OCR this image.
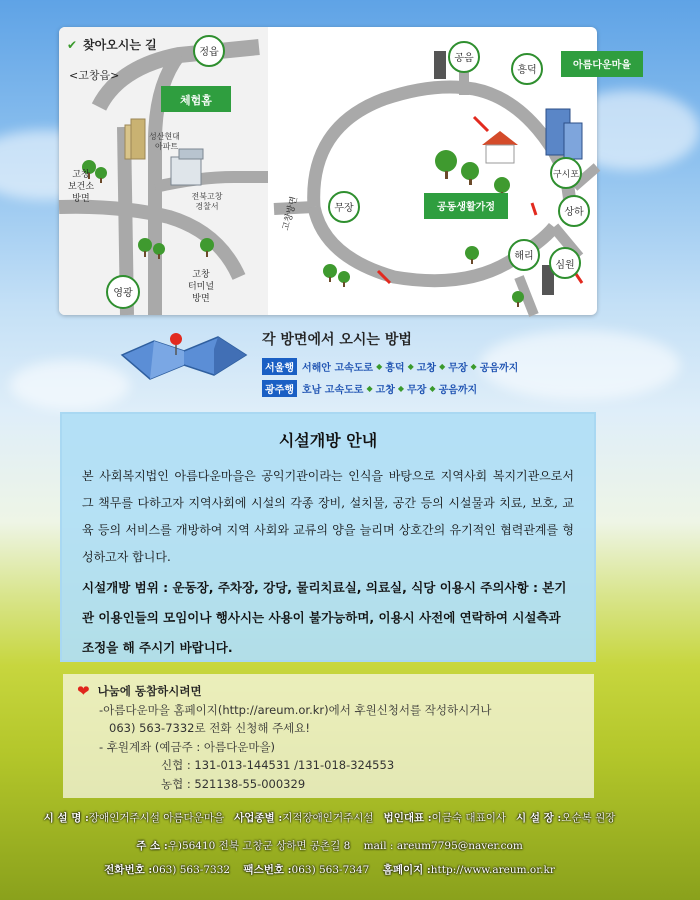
✔ 찾아오시는 길
<고창읍>
정읍
체험홈
성산현대
아파트
전북고창
경찰서
고창
보건소
방면
영광
고창
터미널
방면
공음
흥덕	아름다운마을
고창방면	무장	공동생활가정	상하
해리
구시포
심원
각 방면에서 오시는 방법
서울행 서해안 고속도로 ◆ 흥덕 ◆ 고창 ◆ 무장 ◆ 공음까지
광주행 호남 고속도로 ◆ 고창 ◆ 무장 ◆ 공음까지
시설개방 안내
본 사회복지법인 아름다운마을은 공익기관이라는 인식을 바탕으로 지역사회 복지기관으로서 그 책무를 다하고자 지역사회에 시설의 각종 장비, 설치물, 공간 등의 시설물과 치료, 보호, 교육 등의 서비스를 개방하여 지역 사회와 교류의 양을 늘리며 상호간의 유기적인 협력관계를 형성하고자 합니다.
시설개방 범위 : 운동장, 주차장, 강당, 물리치료실, 의료실, 식당 이용시 주의사항 : 본기관 이용인들의 모임이나 행사시는 사용이 불가능하며, 이용시 사전에 연락하여 시설측과 조정을 해 주시기 바랍니다.
❤ 나눔에 동참하시려면
-아름다운마을 홈페이지(http://areum.or.kr)에서 후원신청서를 작성하시거나
063) 563-7332로 전화 신청해 주세요!
- 후원계좌 (예금주 : 아름다운마을)
신협 : 131-013-144531 /131-018-324553
농협 : 521138-55-000329
시 설 명 :장애인거주시설 아름다운마을 사업종별 :지적장애인거주시설 법인대표 :이금숙 대표이사 시 설 장 :오순복 원장
주 소 :우)56410 전북 고창군 상하면 공촌길 8 mail : areum7795@naver.com
전화번호 :063) 563-7332 팩스번호 :063) 563-7347 홈페이지 :http://www.areum.or.kr
